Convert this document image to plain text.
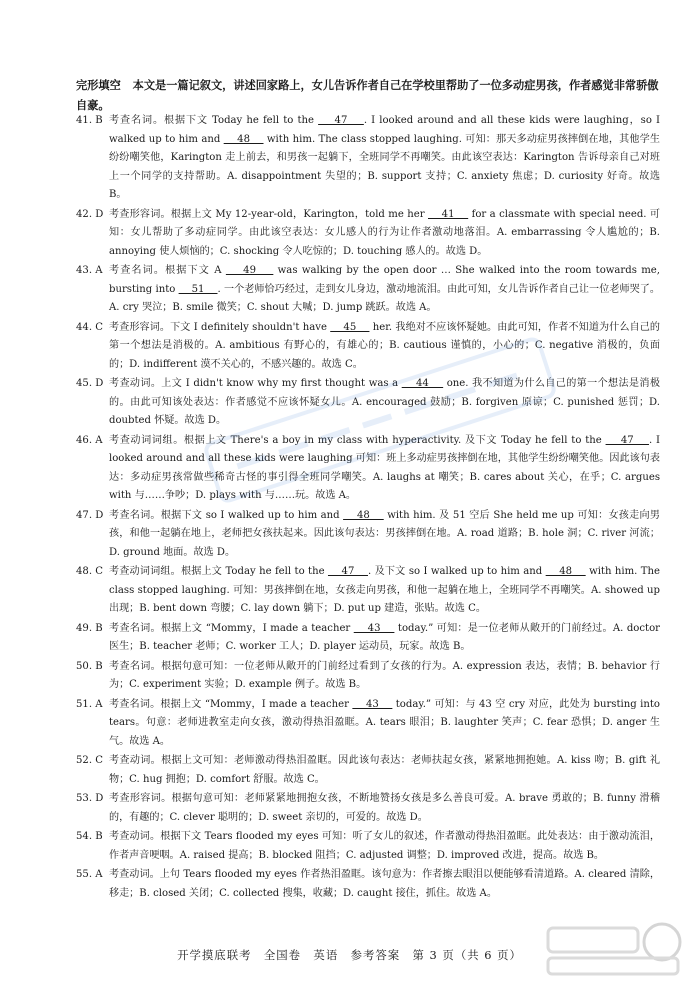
完形填空 本文是一篇记叙文，讲述回家路上，女儿告诉作者自己在学校里帮助了一位多动症男孩，作者感觉非常骄傲自豪。
41. B 考查名词。根据下文 Today he fell to the     47    . I looked around and all these kids were laughing，so I walked up to him and     48     with him. The class stopped laughing. 可知：那天多动症男孩摔倒在地，其他学生纷纷嘲笑他，Karington 走上前去，和男孩一起躺下，全班同学不再嘲笑。由此该空表达：Karington 告诉母亲自己对班上一个同学的支持帮助。A. disappointment 失望的；B. support 支持；C. anxiety 焦虑；D. curiosity 好奇。故选 B。
42. D 考查形容词。根据上文 My 12-year-old，Karington，told me her     41     for a classmate with special need. 可知：女儿帮助了多动症同学。由此该空表达：女儿感人的行为让作者激动地落泪。A. embarrassing 令人尴尬的；B. annoying 使人烦恼的；C. shocking 令人吃惊的；D. touching 感人的。故选 D。
43. A 考查名词。根据下文 A     49     was walking by the open door … She walked into the room towards me, bursting into     51    . 一个老师恰巧经过，走到女儿身边，激动地流泪。由此可知，女儿告诉作者自己让一位老师哭了。A. cry 哭泣；B. smile 微笑；C. shout 大喊；D. jump 跳跃。故选 A。
44. C 考查形容词。下文 I definitely shouldn't have     45     her. 我绝对不应该怀疑她。由此可知，作者不知道为什么自己的第一个想法是消极的。A. ambitious 有野心的，有雄心的；B. cautious 谨慎的，小心的；C. negative 消极的，负面的；D. indifferent 漠不关心的，不感兴趣的。故选 C。
45. D 考查动词。上文 I didn't know why my first thought was a     44     one. 我不知道为什么自己的第一个想法是消极的。由此可知该处表达：作者感觉不应该怀疑女儿。A. encouraged 鼓励；B. forgiven 原谅；C. punished 惩罚；D. doubted 怀疑。故选 D。
46. A 考查动词词组。根据上文 There's a boy in my class with hyperactivity. 及下文 Today he fell to the     47    . I looked around and all these kids were laughing 可知：班上多动症男孩摔倒在地，其他学生纷纷嘲笑他。因此该句表达：多动症男孩常做些稀奇古怪的事引得全班同学嘲笑。A. laughs at 嘲笑；B. cares about 关心，在乎；C. argues with 与……争吵；D. plays with 与……玩。故选 A。
47. D 考查名词。根据下文 so I walked up to him and     48     with him. 及 51 空后 She held me up 可知：女孩走向男孩，和他一起躺在地上，老师把女孩扶起来。因此该句表达：男孩摔倒在地。A. road 道路；B. hole 洞；C. river 河流；D. ground 地面。故选 D。
48. C 考查动词词组。根据上文 Today he fell to the     47    . 及下文 so I walked up to him and     48     with him. The class stopped laughing. 可知：男孩摔倒在地，女孩走向男孩，和他一起躺在地上，全班同学不再嘲笑。A. showed up 出现；B. bent down 弯腰；C. lay down 躺下；D. put up 建造，张贴。故选 C。
49. B 考查名词。根据上文 “Mommy，I made a teacher     43     today.” 可知：是一位老师从敞开的门前经过。A. doctor 医生；B. teacher 老师；C. worker 工人；D. player 运动员，玩家。故选 B。
50. B 考查名词。根据句意可知：一位老师从敞开的门前经过看到了女孩的行为。A. expression 表达，表情；B. behavior 行为；C. experiment 实验；D. example 例子。故选 B。
51. A 考查名词。根据上文 “Mommy，I made a teacher     43     today.” 可知：与 43 空 cry 对应，此处为 bursting into tears。句意：老师进教室走向女孩，激动得热泪盈眶。A. tears 眼泪；B. laughter 笑声；C. fear 恐惧；D. anger 生气。故选 A。
52. C 考查动词。根据上文可知：老师激动得热泪盈眶。因此该句表达：老师扶起女孩，紧紧地拥抱她。A. kiss 吻；B. gift 礼物；C. hug 拥抱；D. comfort 舒服。故选 C。
53. D 考查形容词。根据句意可知：老师紧紧地拥抱女孩，不断地赞扬女孩是多么善良可爱。A. brave 勇敢的；B. funny 滑稽的，有趣的；C. clever 聪明的；D. sweet 亲切的，可爱的。故选 D。
54. B 考查动词。根据下文 Tears flooded my eyes 可知：听了女儿的叙述，作者激动得热泪盈眶。此处表达：由于激动流泪，作者声音哽咽。A. raised 提高；B. blocked 阻挡；C. adjusted 调整；D. improved 改进，提高。故选 B。
55. A 考查动词。上句 Tears flooded my eyes 作者热泪盈眶。该句意为：作者擦去眼泪以便能够看清道路。A. cleared 清除，移走；B. closed 关闭；C. collected 搜集，收藏；D. caught 接住，抓住。故选 A。
开学摸底联考　全国卷　英语　参考答案　第 3 页（共 6 页）
